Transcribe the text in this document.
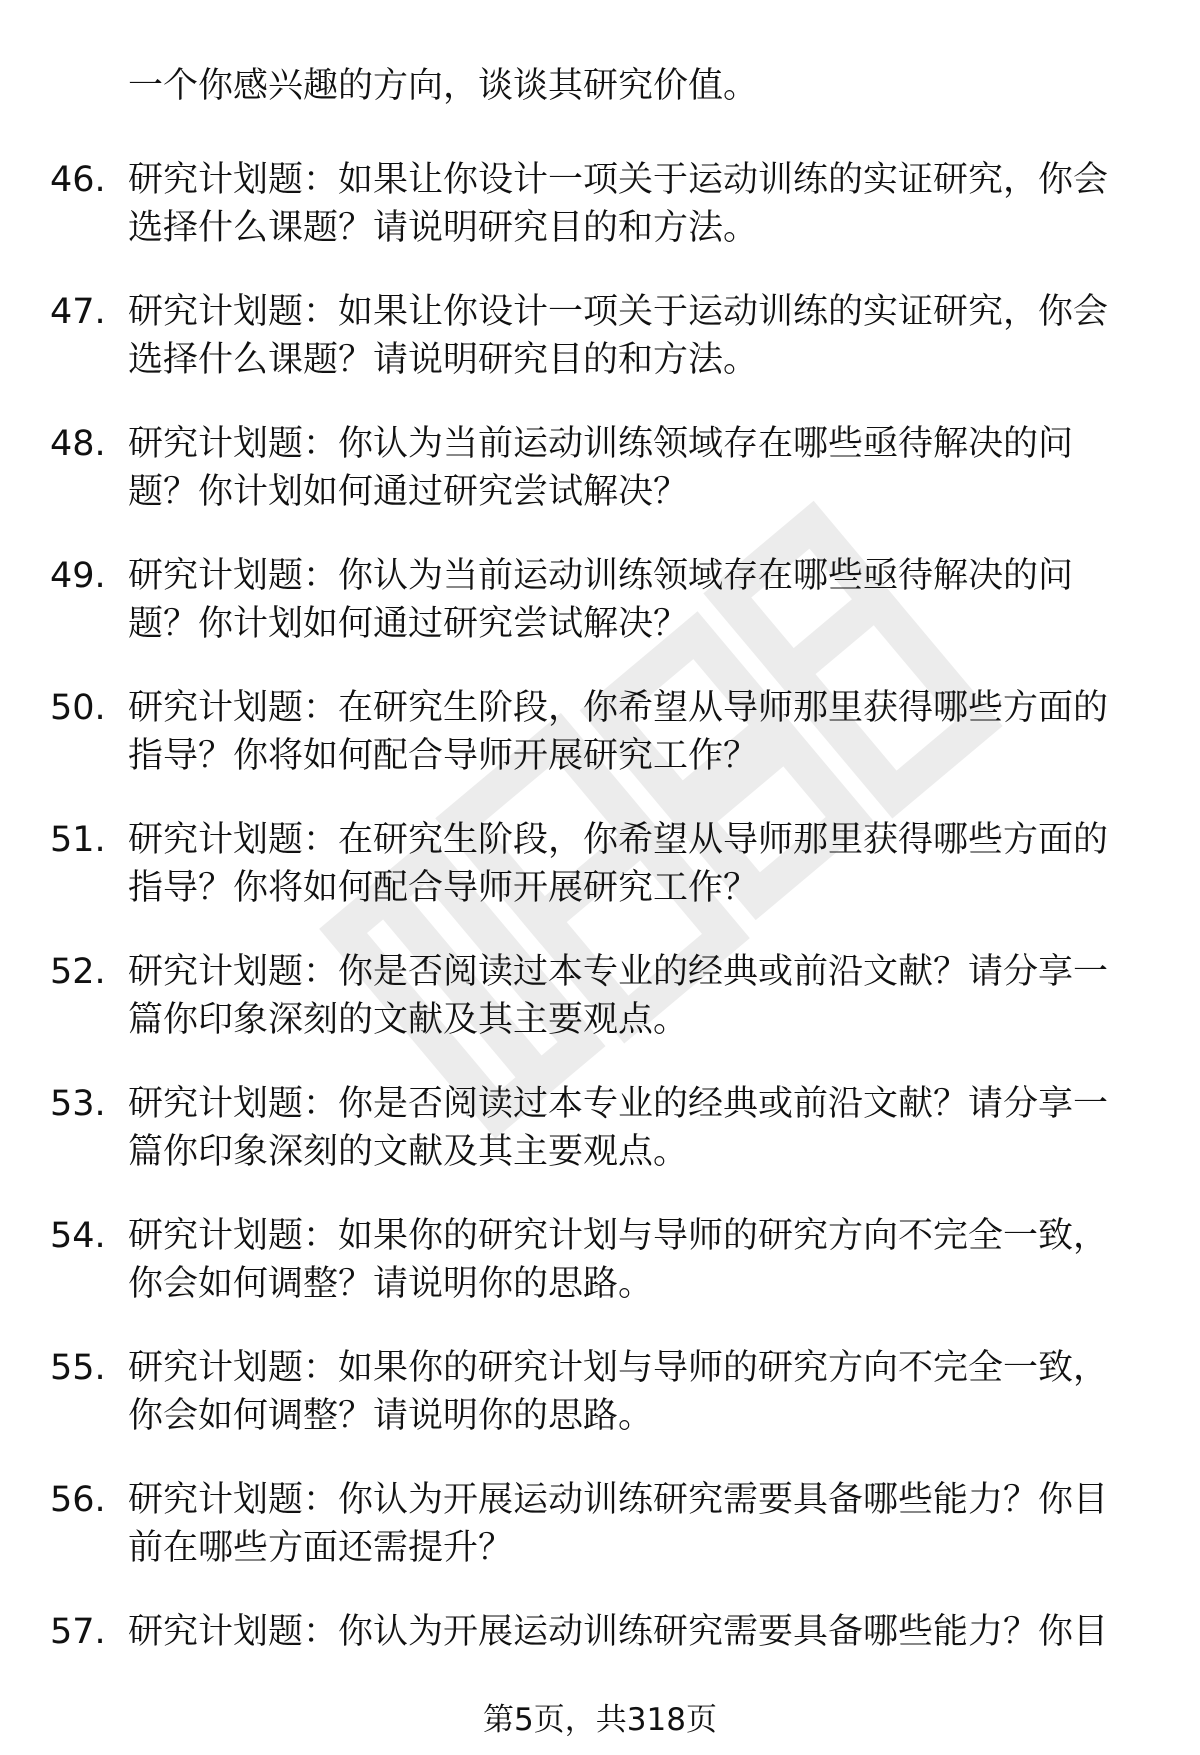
一个你感兴趣的方向，谈谈其研究价值。
46. 研究计划题：如果让你设计一项关于运动训练的实证研究，你会
选择什么课题？请说明研究目的和方法。
47. 研究计划题：如果让你设计一项关于运动训练的实证研究，你会
选择什么课题？请说明研究目的和方法。
48. 研究计划题：你认为当前运动训练领域存在哪些亟待解决的问
题？你计划如何通过研究尝试解决？
49. 研究计划题：你认为当前运动训练领域存在哪些亟待解决的问
题？你计划如何通过研究尝试解决？
50. 研究计划题：在研究生阶段，你希望从导师那里获得哪些方面的
指导？你将如何配合导师开展研究工作？
51. 研究计划题：在研究生阶段，你希望从导师那里获得哪些方面的
指导？你将如何配合导师开展研究工作？
52. 研究计划题：你是否阅读过本专业的经典或前沿文献？请分享一
篇你印象深刻的文献及其主要观点。
53. 研究计划题：你是否阅读过本专业的经典或前沿文献？请分享一
篇你印象深刻的文献及其主要观点。
54. 研究计划题：如果你的研究计划与导师的研究方向不完全一致，
你会如何调整？请说明你的思路。
55. 研究计划题：如果你的研究计划与导师的研究方向不完全一致，
你会如何调整？请说明你的思路。
56. 研究计划题：你认为开展运动训练研究需要具备哪些能力？你目
前在哪些方面还需提升？
57. 研究计划题：你认为开展运动训练研究需要具备哪些能力？你目
第5页，共318页
